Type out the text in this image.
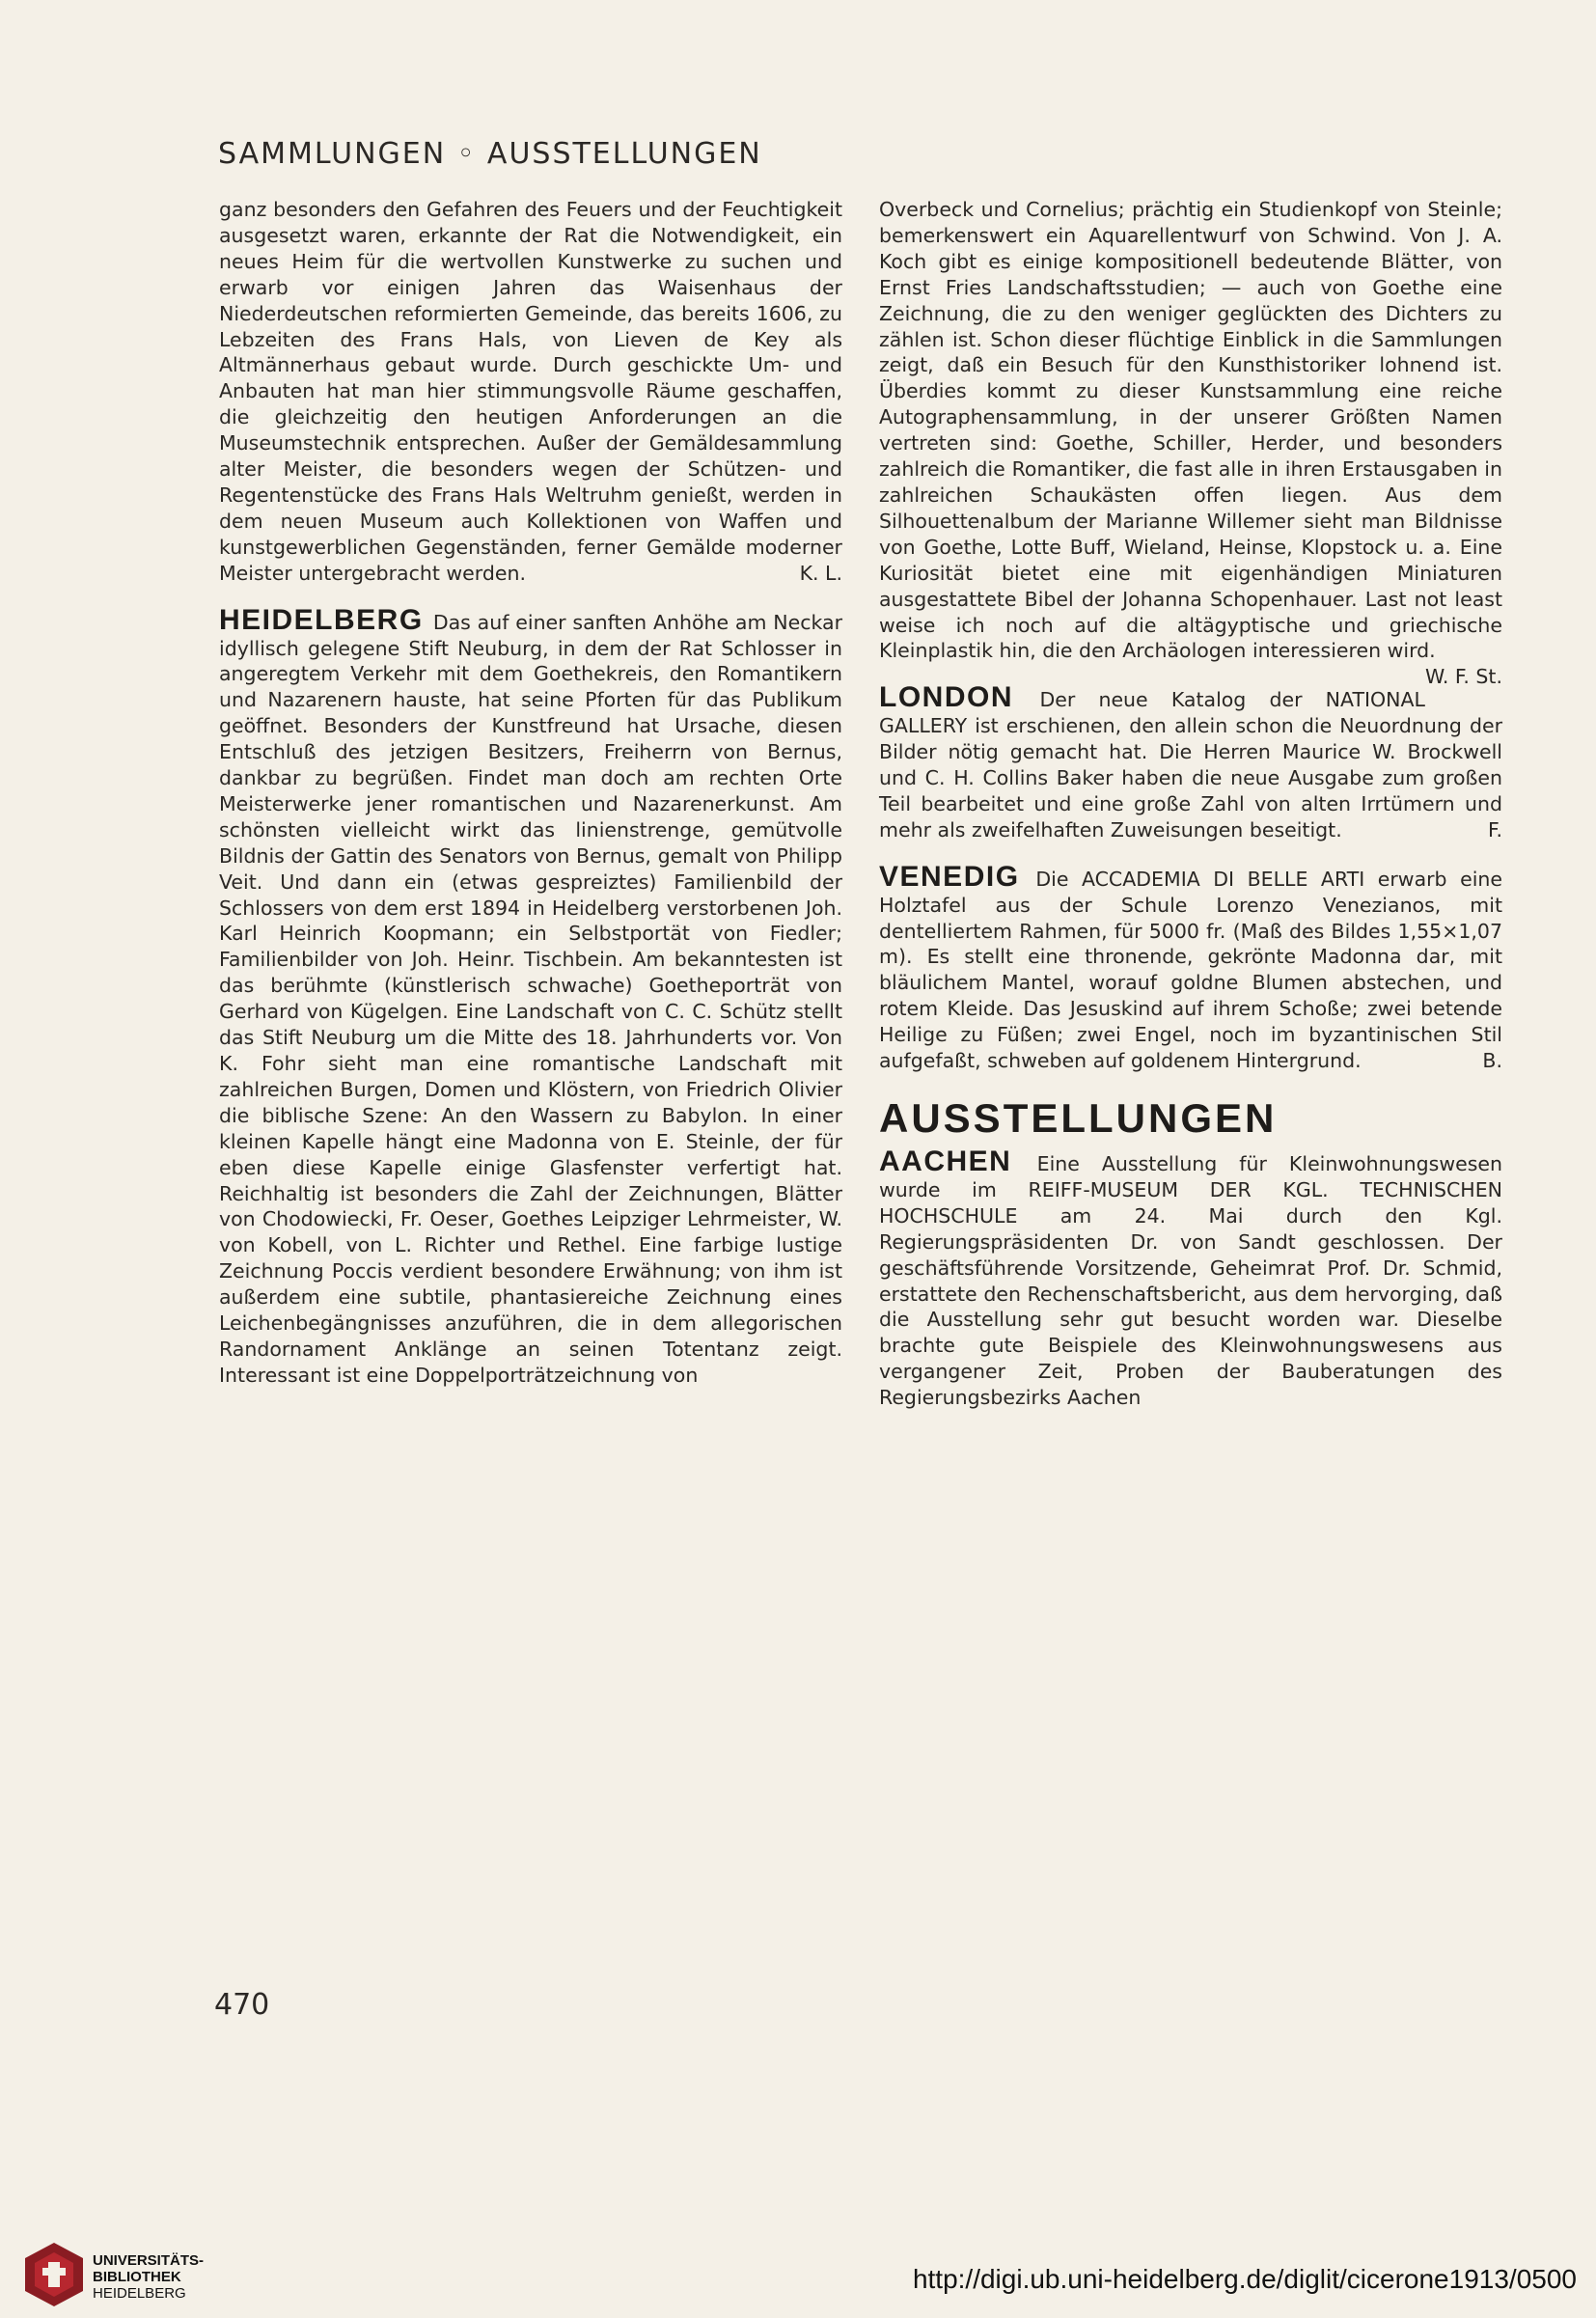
SAMMLUNGEN ◦ AUSSTELLUNGEN

ganz besonders den Gefahren des Feuers und der Feuchtigkeit ausgesetzt waren, erkannte der Rat die Notwendigkeit, ein neues Heim für die wertvollen Kunstwerke zu suchen und erwarb vor einigen Jahren das Waisenhaus der Niederdeutschen reformierten Gemeinde, das bereits 1606, zu Lebzeiten des Frans Hals, von Lieven de Key als Altmännerhaus gebaut wurde. Durch geschickte Um- und Anbauten hat man hier stimmungsvolle Räume geschaffen, die gleichzeitig den heutigen Anforderungen an die Museumstechnik entsprechen. Außer der Gemäldesammlung alter Meister, die besonders wegen der Schützen- und Regentenstücke des Frans Hals Weltruhm genießt, werden in dem neuen Museum auch Kollektionen von Waffen und kunstgewerblichen Gegenständen, ferner Gemälde moderner Meister untergebracht werden.	K. L.

HEIDELBERG Das auf einer sanften Anhöhe am Neckar idyllisch gelegene Stift Neuburg, in dem der Rat Schlosser in angeregtem Verkehr mit dem Goethekreis, den Romantikern und Nazarenern hauste, hat seine Pforten für das Publikum geöffnet. Besonders der Kunstfreund hat Ursache, diesen Entschluß des jetzigen Besitzers, Freiherrn von Bernus, dankbar zu begrüßen. Findet man doch am rechten Orte Meisterwerke jener romantischen und Nazarenerkunst. Am schönsten vielleicht wirkt das linienstrenge, gemütvolle Bildnis der Gattin des Senators von Bernus, gemalt von Philipp Veit. Und dann ein (etwas gespreiztes) Familienbild der Schlossers von dem erst 1894 in Heidelberg verstorbenen Joh. Karl Heinrich Koopmann; ein Selbstportät von Fiedler; Familienbilder von Joh. Heinr. Tischbein. Am bekanntesten ist das berühmte (künstlerisch schwache) Goetheporträt von Gerhard von Kügelgen. Eine Landschaft von C. C. Schütz stellt das Stift Neuburg um die Mitte des 18. Jahrhunderts vor. Von K. Fohr sieht man eine romantische Landschaft mit zahlreichen Burgen, Domen und Klöstern, von Friedrich Olivier die biblische Szene: An den Wassern zu Babylon. In einer kleinen Kapelle hängt eine Madonna von E. Steinle, der für eben diese Kapelle einige Glasfenster verfertigt hat. Reichhaltig ist besonders die Zahl der Zeichnungen, Blätter von Chodowiecki, Fr. Oeser, Goethes Leipziger Lehrmeister, W. von Kobell, von L. Richter und Rethel. Eine farbige lustige Zeichnung Poccis verdient besondere Erwähnung; von ihm ist außerdem eine subtile, phantasiereiche Zeichnung eines Leichenbegängnisses anzuführen, die in dem allegorischen Randornament Anklänge an seinen Totentanz zeigt. Interessant ist eine Doppelporträtzeichnung von

Overbeck und Cornelius; prächtig ein Studienkopf von Steinle; bemerkenswert ein Aquarellentwurf von Schwind. Von J. A. Koch gibt es einige kompositionell bedeutende Blätter, von Ernst Fries Landschaftsstudien; — auch von Goethe eine Zeichnung, die zu den weniger geglückten des Dichters zu zählen ist. Schon dieser flüchtige Einblick in die Sammlungen zeigt, daß ein Besuch für den Kunsthistoriker lohnend ist. Überdies kommt zu dieser Kunstsammlung eine reiche Autographensammlung, in der unserer Größten Namen vertreten sind: Goethe, Schiller, Herder, und besonders zahlreich die Romantiker, die fast alle in ihren Erstausgaben in zahlreichen Schaukästen offen liegen. Aus dem Silhouettenalbum der Marianne Willemer sieht man Bildnisse von Goethe, Lotte Buff, Wieland, Heinse, Klopstock u. a. Eine Kuriosität bietet eine mit eigenhändigen Miniaturen ausgestattete Bibel der Johanna Schopenhauer. Last not least weise ich noch auf die altägyptische und griechische Kleinplastik hin, die den Archäologen interessieren wird.
W. F. St.

LONDON Der neue Katalog der NATIONAL GALLERY ist erschienen, den allein schon die Neuordnung der Bilder nötig gemacht hat. Die Herren Maurice W. Brockwell und C. H. Collins Baker haben die neue Ausgabe zum großen Teil bearbeitet und eine große Zahl von alten Irrtümern und mehr als zweifelhaften Zuweisungen beseitigt.	F.

VENEDIG Die ACCADEMIA DI BELLE ARTI erwarb eine Holztafel aus der Schule Lorenzo Venezianos, mit dentelliertem Rahmen, für 5000 fr. (Maß des Bildes 1,55×1,07 m). Es stellt eine thronende, gekrönte Madonna dar, mit bläulichem Mantel, worauf goldne Blumen abstechen, und rotem Kleide. Das Jesuskind auf ihrem Schoße; zwei betende Heilige zu Füßen; zwei Engel, noch im byzantinischen Stil aufgefaßt, schweben auf goldenem Hintergrund.	B.

AUSSTELLUNGEN

AACHEN Eine Ausstellung für Kleinwohnungswesen wurde im REIFF-MUSEUM DER KGL. TECHNISCHEN HOCHSCHULE am 24. Mai durch den Kgl. Regierungspräsidenten Dr. von Sandt geschlossen. Der geschäftsführende Vorsitzende, Geheimrat Prof. Dr. Schmid, erstattete den Rechenschaftsbericht, aus dem hervorging, daß die Ausstellung sehr gut besucht worden war. Dieselbe brachte gute Beispiele des Kleinwohnungswesens aus vergangener Zeit, Proben der Bauberatungen des Regierungsbezirks Aachen

470
UNIVERSITÄTS-
BIBLIOTHEK
HEIDELBERG	http://digi.ub.uni-heidelberg.de/diglit/cicerone1913/0500
